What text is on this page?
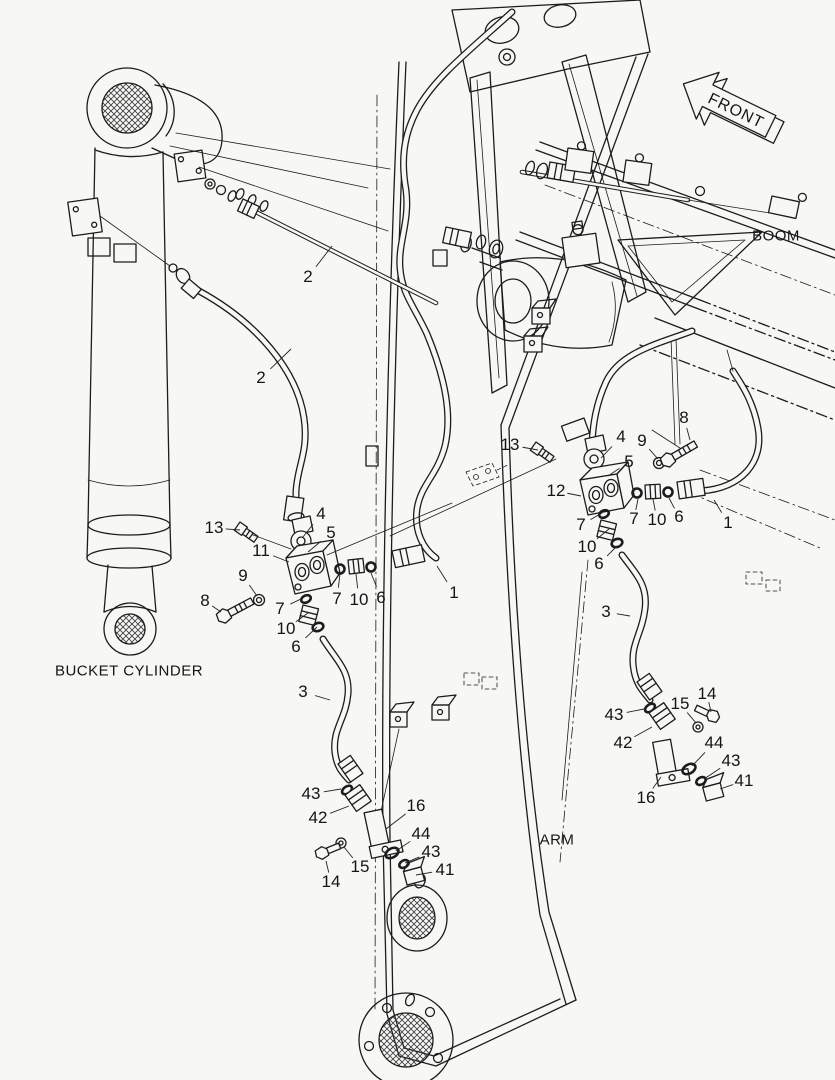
FRONT
BOOM
ARM
BUCKET CYLINDER
2
2
13
4
5
11
9
8	7
10
6
7 10 6	1
3
43
42
16
44
43
41
15
14
13	4
5
12
9
8
7
10
6
7 10 6 1
3
43
42
15
14
44
43
41
16
